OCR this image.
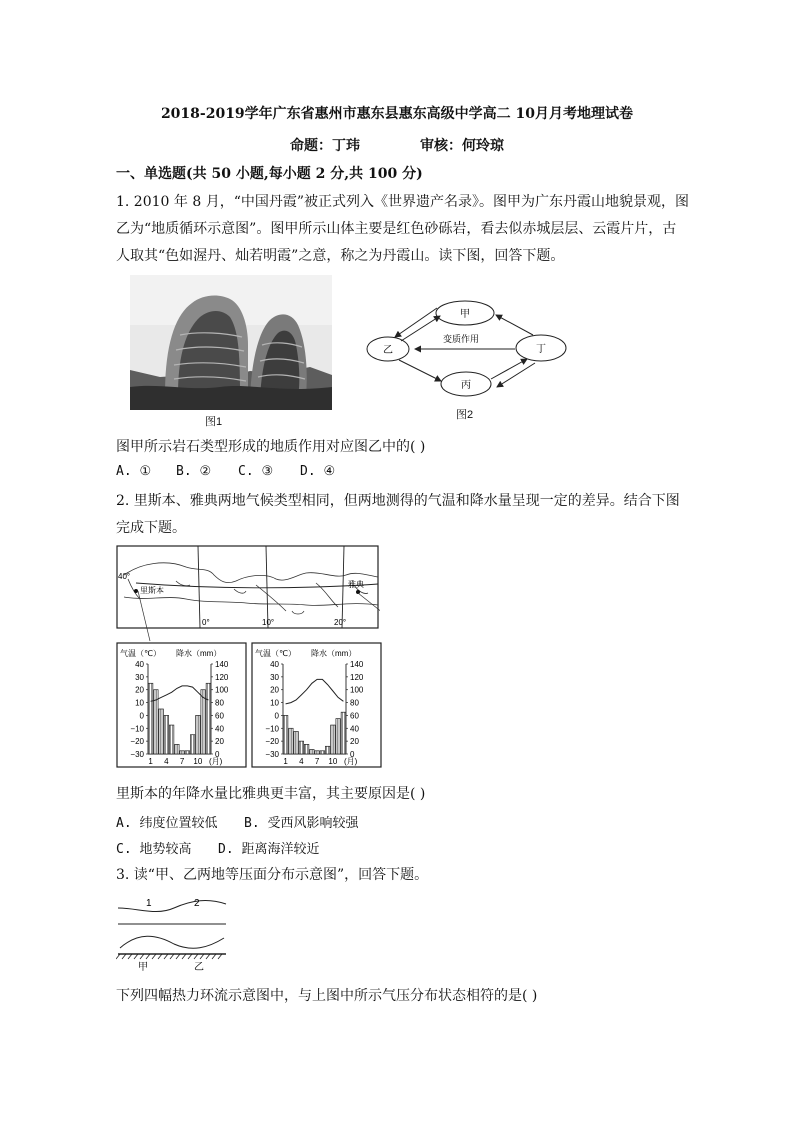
2018-2019学年广东省惠州市惠东县惠东高级中学高二 10月月考地理试卷
命题：丁玮	审核：何玲琼
一、单选题(共 50 小题,每小题 2 分,共 100 分)
1. 2010 年 8 月，“中国丹霞”被正式列入《世界遗产名录》。图甲为广东丹霞山地貌景观，图
乙为“地质循环示意图”。图甲所示山体主要是红色砂砾岩，看去似赤城层层、云霞片片，古
人取其“色如渥丹、灿若明霞”之意，称之为丹霞山。读下图，回答下题。
图1
甲
乙	丁
丙
变质作用
图2
图甲所示岩石类型形成的地质作用对应图乙中的( )
A. ① B. ② C. ③ D. ④
2. 里斯本、雅典两地气候类型相同，但两地测得的气温和降水量呈现一定的差异。结合下图
完成下题。
40°
里斯本
雅典
0°	10°	20°
气温（℃） 降水（mm）
40
30
20
10
0
−10
−20
−30
140
120
100
80
60
40
20
0
1 4 7 10 (月)
气温（℃） 降水（mm）
40
30
20
10
0
−10
−20
−30
140
120
100
80
60
40
20
0
1 4 7 10 (月)
里斯本的年降水量比雅典更丰富，其主要原因是( )
A. 纬度位置较低 B. 受西风影响较强
C. 地势较高 D. 距离海洋较近
3. 读“甲、乙两地等压面分布示意图”，回答下题。
1	2
甲	乙
下列四幅热力环流示意图中，与上图中所示气压分布状态相符的是( )
